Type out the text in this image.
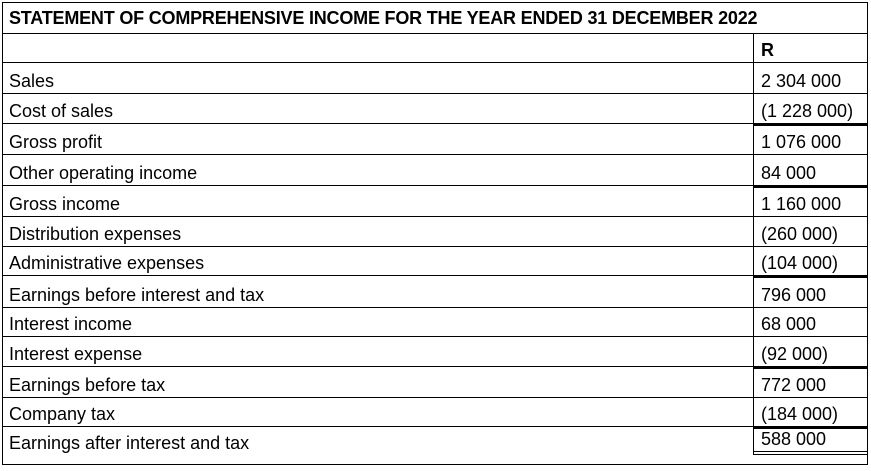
STATEMENT OF COMPREHENSIVE INCOME FOR THE YEAR ENDED 31 DECEMBER 2022
R
Sales	2 304 000
Cost of sales	(1 228 000)
Gross profit	1 076 000
Other operating income	84 000
Gross income	1 160 000
Distribution expenses	(260 000)
Administrative expenses	(104 000)
Earnings before interest and tax	796 000
Interest income	68 000
Interest expense	(92 000)
Earnings before tax	772 000
Company tax	(184 000)
Earnings after interest and tax	588 000
